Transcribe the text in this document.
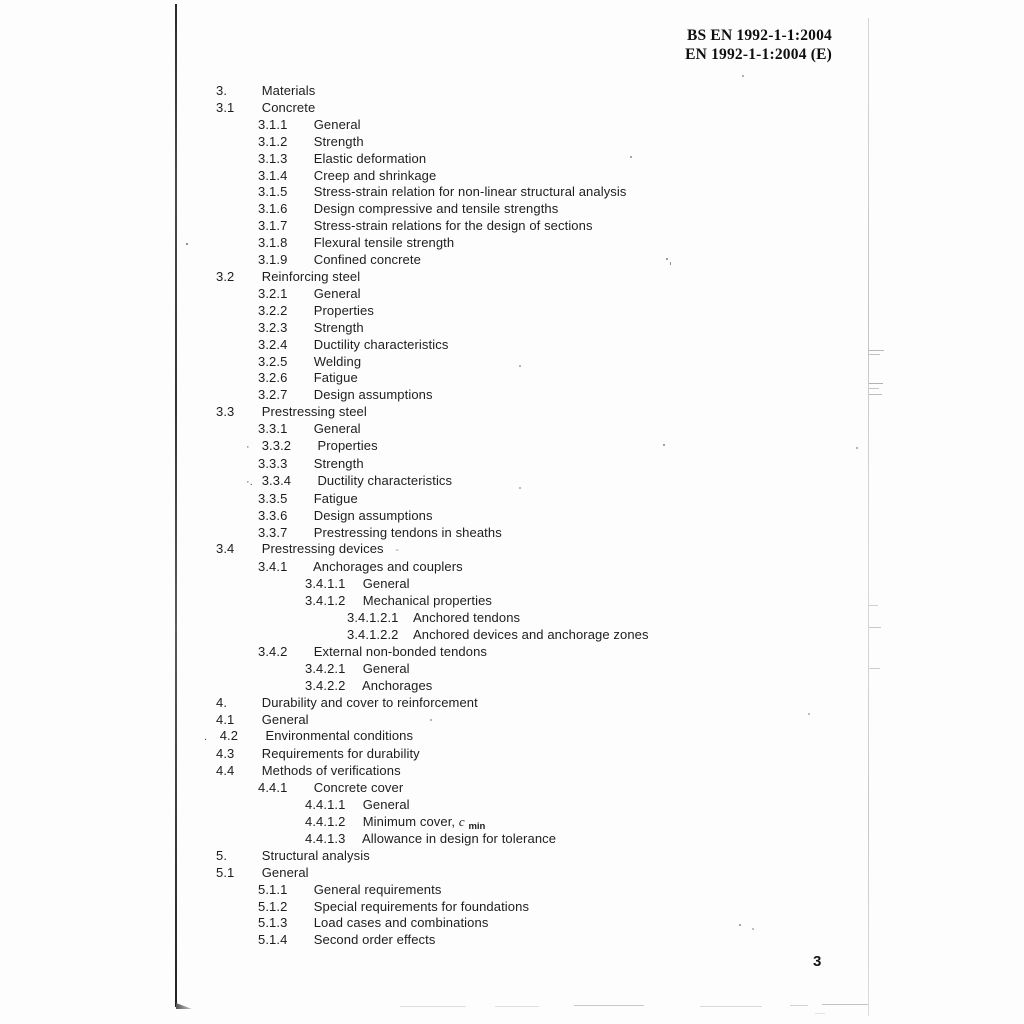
BS EN 1992-1-1:2004
EN 1992-1-1:2004 (E)
3.	Materials
3.1 Concrete
3.1.1 General
3.1.2 Strength
3.1.3 Elastic deformation
3.1.4 Creep and shrinkage
3.1.5 Stress-strain relation for non-linear structural analysis
3.1.6 Design compressive and tensile strengths
3.1.7 Stress-strain relations for the design of sections
3.1.8 Flexural tensile strength
3.1.9 Confined concrete
3.2 Reinforcing steel
3.2.1 General
3.2.2 Properties
3.2.3 Strength
3.2.4 Ductility characteristics
3.2.5 Welding
3.2.6 Fatigue
3.2.7 Design assumptions
3.3 Prestressing steel
3.3.1 General
· 3.3.2 Properties
3.3.3 Strength
·. 3.3.4 Ductility characteristics
3.3.5 Fatigue
3.3.6 Design assumptions
3.3.7 Prestressing tendons in sheaths
3.4 Prestressing devices -
3.4.1 Anchorages and couplers
3.4.1.1 General
3.4.1.2 Mechanical properties
3.4.1.2.1 Anchored tendons
3.4.1.2.2 Anchored devices and anchorage zones
3.4.2 External non-bonded tendons
3.4.2.1 General
3.4.2.2 Anchorages
4.	Durability and cover to reinforcement
4.1 General
. 4.2 Environmental conditions
4.3 Requirements for durability
4.4 Methods of verifications
4.4.1 Concrete cover
4.4.1.1 General
4.4.1.2 Minimum cover, c $_{min}$
4.4.1.3 Allowance in design for tolerance
5.	Structural analysis
5.1 General
5.1.1 General requirements
5.1.2 Special requirements for foundations
5.1.3 Load cases and combinations
5.1.4 Second order effects
3
